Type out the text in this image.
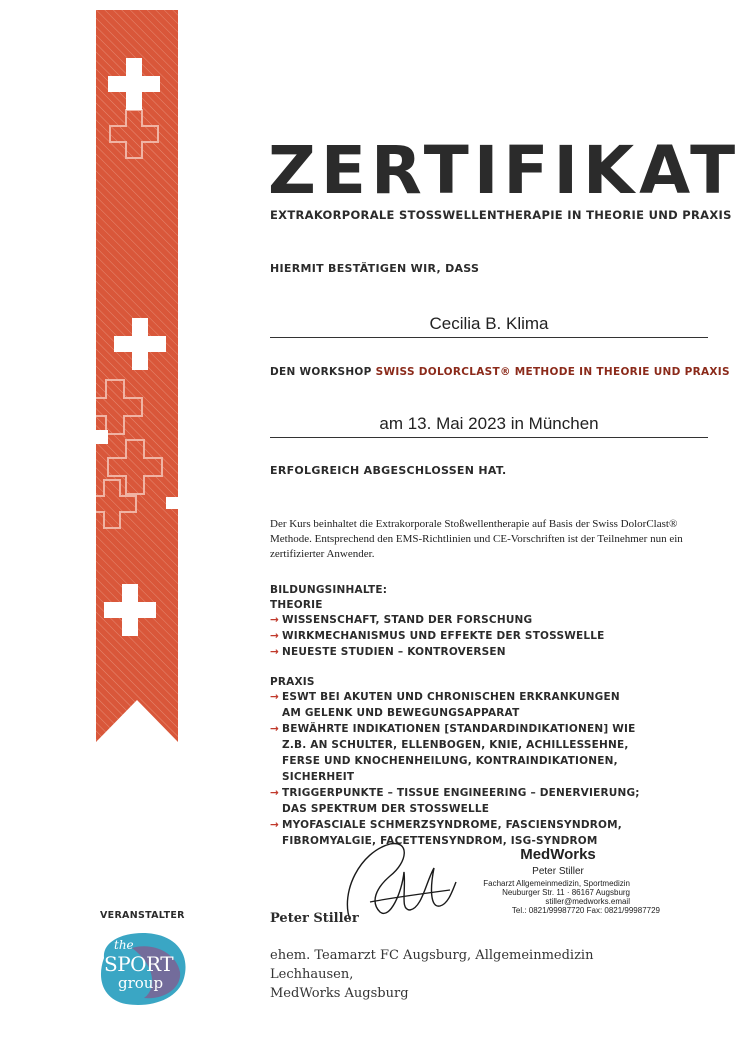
ZERTIFIKAT
EXTRAKORPORALE STOSSWELLENTHERAPIE IN THEORIE UND PRAXIS
HIERMIT BESTÄTIGEN WIR, DASS
Cecilia B. Klima
DEN WORKSHOP SWISS DOLORCLAST® METHODE IN THEORIE UND PRAXIS
am 13. Mai 2023 in München
ERFOLGREICH ABGESCHLOSSEN HAT.
Der Kurs beinhaltet die Extrakorporale Stoßwellentherapie auf Basis der Swiss DolorClast® Methode. Entsprechend den EMS-Richtlinien und CE-Vorschriften ist der Teilnehmer nun ein zertifizierter Anwender.
BILDUNGSINHALTE:
THEORIE
→ WISSENSCHAFT, STAND DER FORSCHUNG
→ WIRKMECHANISMUS UND EFFEKTE DER STOSSWELLE
→ NEUESTE STUDIEN – KONTROVERSEN
PRAXIS
→ ESWT BEI AKUTEN UND CHRONISCHEN ERKRANKUNGEN AM GELENK UND BEWEGUNGSAPPARAT
→ BEWÄHRTE INDIKATIONEN [STANDARDINDIKATIONEN] WIE Z.B. AN SCHULTER, ELLENBOGEN, KNIE, ACHILLESSEHNE, FERSE UND KNOCHENHEILUNG, KONTRAINDIKATIONEN, SICHERHEIT
→ TRIGGERPUNKTE – TISSUE ENGINEERING – DENERVIERUNG; DAS SPEKTRUM DER STOSSWELLE
→ MYOFASCIALE SCHMERZSYNDROME, FASCIENSYNDROM, FIBROMYALGIE, FACETTENSYNDROM, ISG-SYNDROM
VERANSTALTER
the
SPORT
group
MedWorks
Peter Stiller
Facharzt Allgemeinmedizin, Sportmedizin
Neuburger Str. 11 · 86167 Augsburg
stiller@medworks.email
Tel.: 0821/99987720 Fax: 0821/99987729
Peter Stiller
ehem. Teamarzt FC Augsburg, Allgemeinmedizin
Lechhausen,
MedWorks Augsburg
